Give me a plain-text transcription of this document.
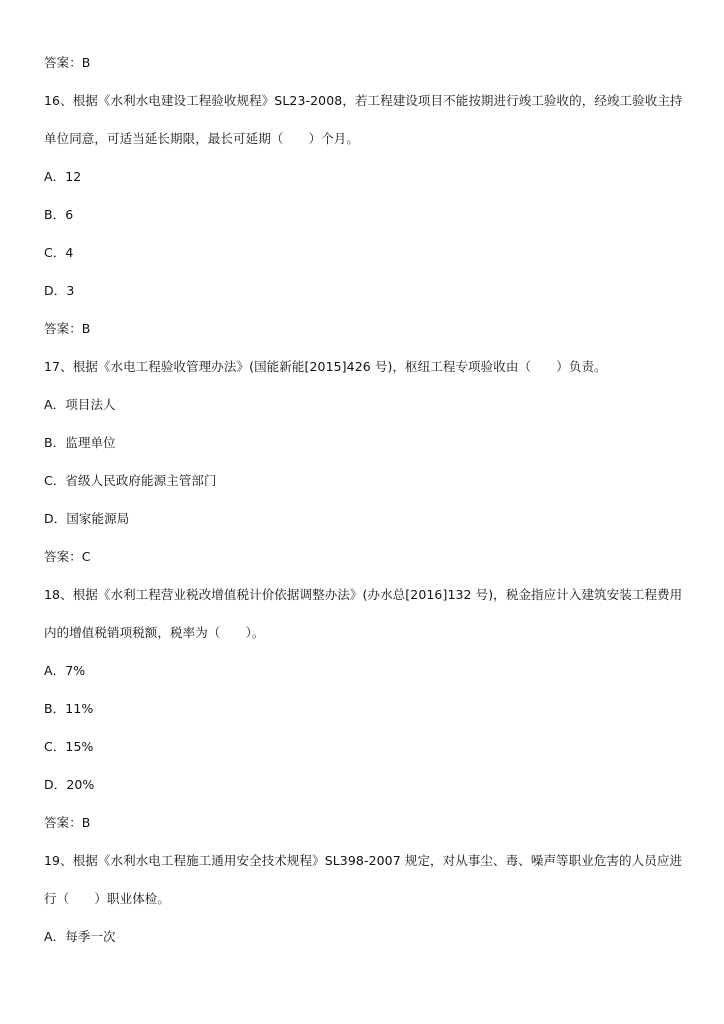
答案：B
16、根据《水利水电建设工程验收规程》SL23-2008，若工程建设项目不能按期进行竣工验收的，经竣工验收主持
单位同意，可适当延长期限，最长可延期（　　）个月。
A．12
B．6
C．4
D．3
答案：B
17、根据《水电工程验收管理办法》(国能新能[2015]426 号)，枢纽工程专项验收由（　　）负责。
A．项目法人
B．监理单位
C．省级人民政府能源主管部门
D．国家能源局
答案：C
18、根据《水利工程营业税改增值税计价依据调整办法》(办水总[2016]132 号)，税金指应计入建筑安装工程费用
内的增值税销项税额，税率为（　　）。
A．7%
B．11%
C．15%
D．20%
答案：B
19、根据《水利水电工程施工通用安全技术规程》SL398-2007 规定，对从事尘、毒、噪声等职业危害的人员应进
行（　　）职业体检。
A．每季一次
